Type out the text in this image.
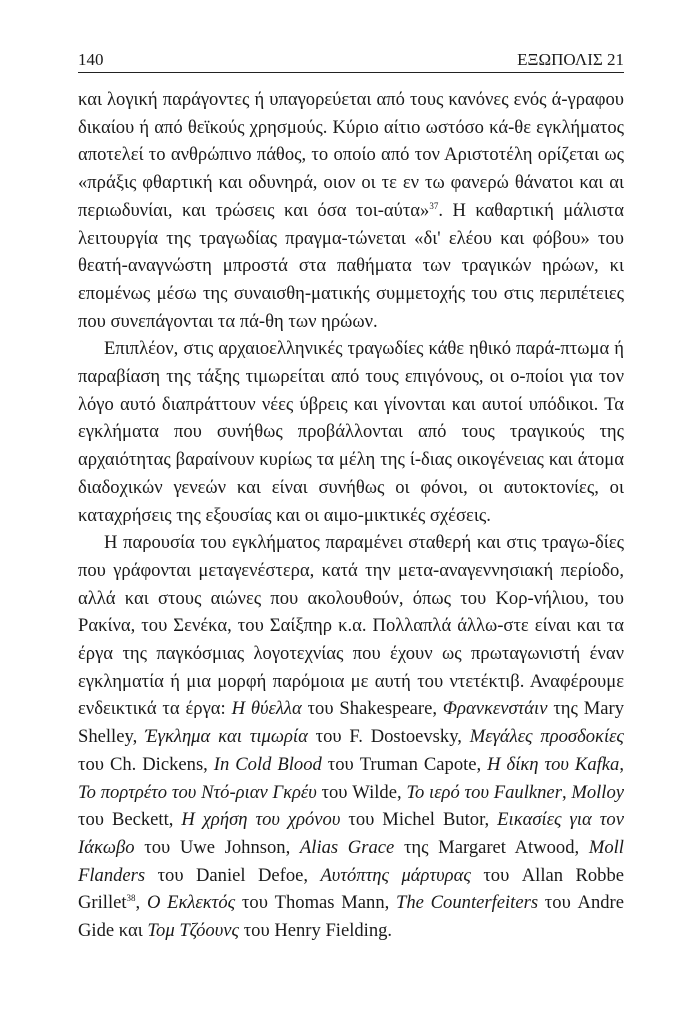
140	ΕΞΩΠΟΛΙΣ 21

και λογική παράγοντες ή υπαγορεύεται από τους κανόνες ενός ά-γραφου δικαίου ή από θεϊκούς χρησμούς. Κύριο αίτιο ωστόσο κά-θε εγκλήματος αποτελεί το ανθρώπινο πάθος, το οποίο από τον Αριστοτέλη ορίζεται ως «πράξις φθαρτική και οδυνηρά, οιον οι τε εν τω φανερώ θάνατοι και αι περιωδυνίαι, και τρώσεις και όσα τοι-αύτα»$^{37}$. Η καθαρτική μάλιστα λειτουργία της τραγωδίας πραγμα-τώνεται «δι' ελέου και φόβου» του θεατή-αναγνώστη μπροστά στα παθήματα των τραγικών ηρώων, κι επομένως μέσω της συναισθη-ματικής συμμετοχής του στις περιπέτειες που συνεπάγονται τα πά-θη των ηρώων.

Επιπλέον, στις αρχαιοελληνικές τραγωδίες κάθε ηθικό παρά-πτωμα ή παραβίαση της τάξης τιμωρείται από τους επιγόνους, οι ο-ποίοι για τον λόγο αυτό διαπράττουν νέες ύβρεις και γίνονται και αυτοί υπόδικοι. Τα εγκλήματα που συνήθως προβάλλονται από τους τραγικούς της αρχαιότητας βαραίνουν κυρίως τα μέλη της ί-διας οικογένειας και άτομα διαδοχικών γενεών και είναι συνήθως οι φόνοι, οι αυτοκτονίες, οι καταχρήσεις της εξουσίας και οι αιμο-μικτικές σχέσεις.

Η παρουσία του εγκλήματος παραμένει σταθερή και στις τραγω-δίες που γράφονται μεταγενέστερα, κατά την μετα-αναγεννησιακή περίοδο, αλλά και στους αιώνες που ακολουθούν, όπως του Κορ-νήλιου, του Ρακίνα, του Σενέκα, του Σαίξπηρ κ.α. Πολλαπλά άλλω-στε είναι και τα έργα της παγκόσμιας λογοτεχνίας που έχουν ως πρωταγωνιστή έναν εγκληματία ή μια μορφή παρόμοια με αυτή του ντετέκτιβ. Αναφέρουμε ενδεικτικά τα έργα: Η θύελλα του Shakespeare, Φρανκενστάιν της Mary Shelley, Έγκλημα και τιμωρία του F. Dostoevsky, Μεγάλες προσδοκίες του Ch. Dickens, In Cold Blood του Truman Capote, Η δίκη του Kafka, Το πορτρέτο του Ντό-ριαν Γκρέυ του Wilde, Το ιερό του Faulkner, Molloy του Beckett, Η χρήση του χρόνου του Michel Butor, Εικασίες για τον Ιάκωβο του Uwe Johnson, Alias Grace της Margaret Atwood, Moll Flanders του Daniel Defoe, Αυτόπτης μάρτυρας του Allan Robbe Grillet$^{38}$, Ο Εκλεκτός του Thomas Mann, The Counterfeiters του Andre Gide και Τομ Τζόουνς του Henry Fielding.
